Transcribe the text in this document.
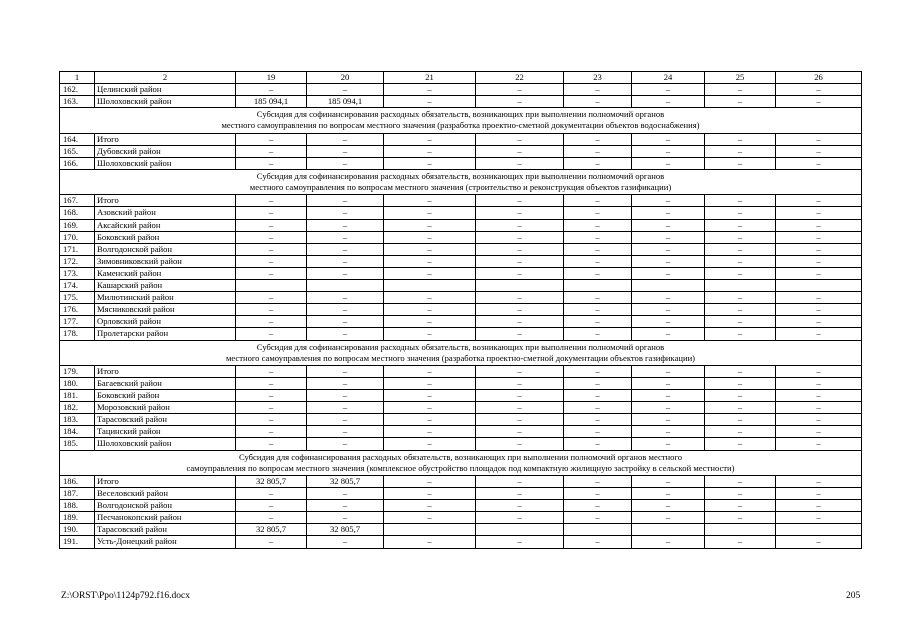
1	2	19	20	21	22	23	24	25	26
162.	Целинский район	–	–	–	–	–	–	–	–
163.	Шолоховский район	185 094,1	185 094,1	–	–	–	–	–	–

Субсидия для софинансирования расходных обязательств, возникающих при выполнении полномочий органов
местного самоуправления по вопросам местного значения (разработка проектно-сметной документации объектов водоснабжения)									

164.	Итого	–	–	–	–	–	–	–	–
165.	Дубовский район	–	–	–	–	–	–	–	–
166.	Шолоховский район	–	–	–	–	–	–	–	–

Субсидия для софинансирования расходных обязательств, возникающих при выполнении полномочий органов
местного самоуправления по вопросам местного значения (строительство и реконструкция объектов газификации)									

167.	Итого	–	–	–	–	–	–	–	–
168.	Азовский район	–	–	–	–	–	–	–	–
169.	Аксайский район	–	–	–	–	–	–	–	–
170.	Боковский район	–	–	–	–	–	–	–	–
171.	Волгодонской район	–	–	–	–	–	–	–	–
172.	Зимовниковский район	–	–	–	–	–	–	–	–
173.	Каменский район	–	–	–	–	–	–	–	–
174.	Кашарский район								
175.	Милютинский район	–	–	–	–	–	–	–	–
176.	Мясниковский район	–	–	–	–	–	–	–	–
177.	Орловский район	–	–	–	–	–	–	–	–
178.	Пролетарски район	–	–	–	–	–	–	–	–

Субсидия для софинансирования расходных обязательств, возникающих при выполнении полномочий органов
местного самоуправления по вопросам местного значения (разработка проектно-сметной документации объектов газификации)									

179.	Итого	–	–	–	–	–	–	–	–
180.	Багаевский район	–	–	–	–	–	–	–	–
181.	Боковский район	–	–	–	–	–	–	–	–
182.	Морозовский район	–	–	–	–	–	–	–	–
183.	Тарасовский район	–	–	–	–	–	–	–	–
184.	Тацинский район	–	–	–	–	–	–	–	–
185.	Шолоховский район	–	–	–	–	–	–	–	–

Субсидия для софинансирования расходных обязательств, возникающих при выполнении полномочий органов местного
самоуправления по вопросам местного значения (комплексное обустройство площадок под компактную жилищную застройку в сельской местности)									

186.	Итого	32 805,7	32 805,7	–	–	–	–	–	–
187.	Веселовский район	–	–	–	–	–	–	–	–
188.	Волгодонской район	–	–	–	–	–	–	–	–
189.	Песчанокопский район	–	–	–	–	–	–	–	–
190.	Тарасовский район	32 805,7	32 805,7						
191.	Усть-Донецкий район	–	–	–	–	–	–	–	–
Z:\ORST\Ppo\1124p792.f16.docx	205
